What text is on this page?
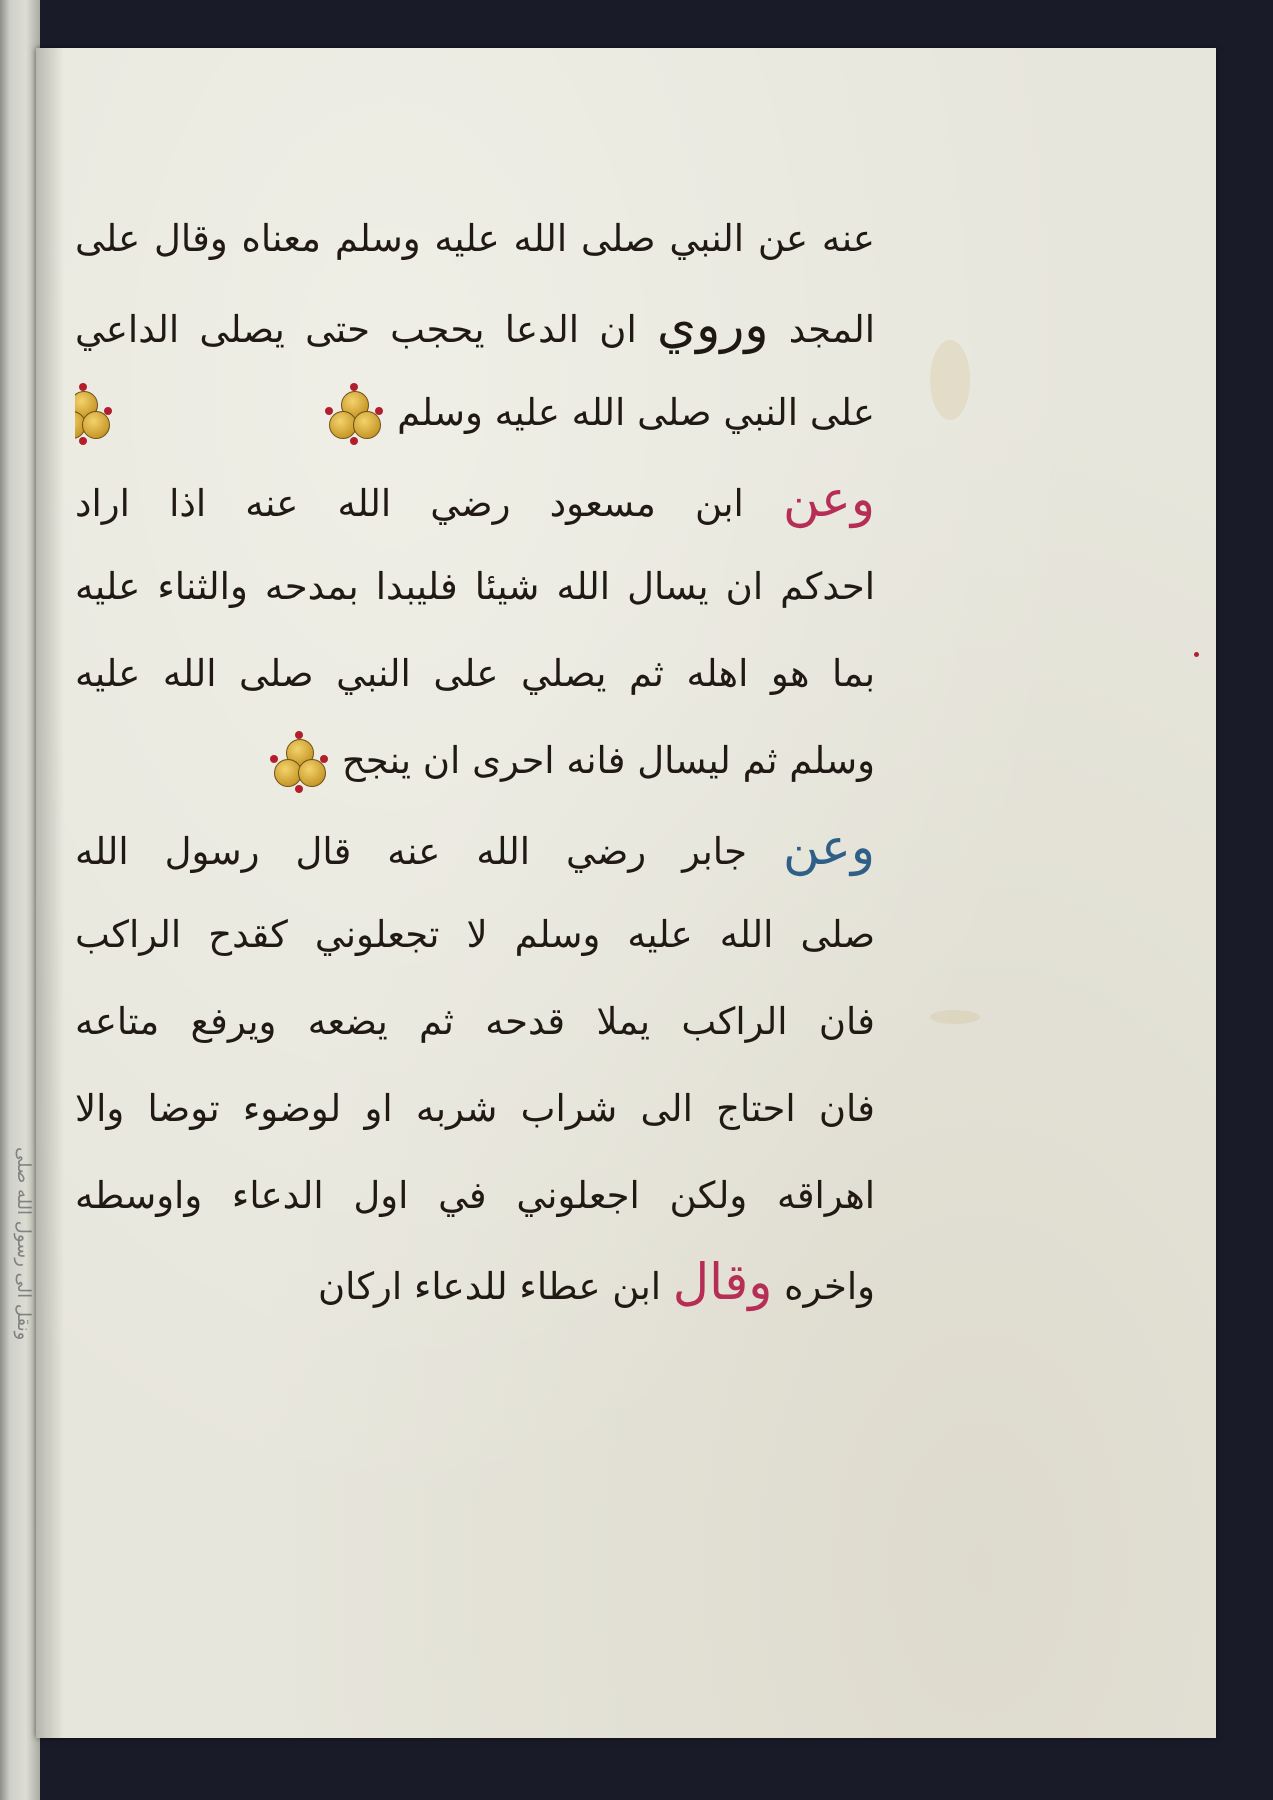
ونقل الى رسول الله صلى
عنه عن النبي صلى الله عليه وسلم معناه وقال على
المجد وروي ان الدعا يحجب حتى يصلى الداعي
على النبي صلى الله عليه وسلم

وعن ابن مسعود رضي الله عنه اذا اراد
احدكم ان يسال الله شيئا فليبدا بمدحه والثناء عليه
بما هو اهله ثم يصلي على النبي صلى الله عليه
وسلم ثم ليسال فانه احرى ان ينجح

وعن جابر رضي الله عنه قال رسول الله
صلى الله عليه وسلم لا تجعلوني كقدح الراكب
فان الراكب يملا قدحه ثم يضعه ويرفع متاعه
فان احتاج الى شراب شربه او لوضوء توضا والا
اهراقه ولكن اجعلوني في اول الدعاء واوسطه
واخره وقال ابن عطاء للدعاء اركان
